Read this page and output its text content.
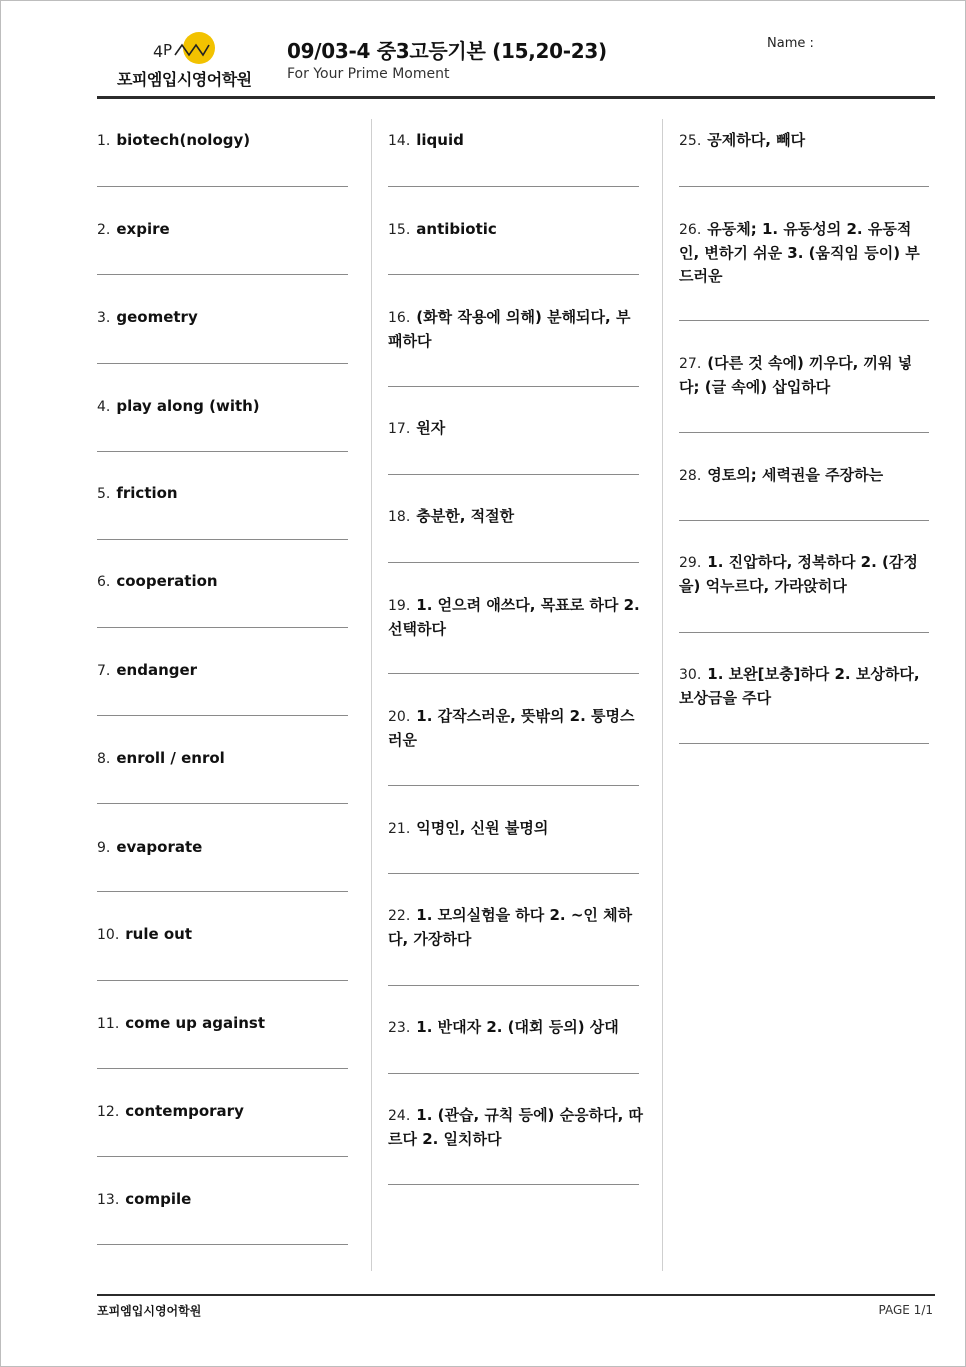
4 P
포피엠입시영어학원
09/03-4 중3고등기본 (15,20-23)
For Your Prime Moment
Name :
1. biotech(nology)
2. expire
3. geometry
4. play along (with)
5. friction
6. cooperation
7. endanger
8. enroll / enrol
9. evaporate
10. rule out
11. come up against
12. contemporary
13. compile
14. liquid
15. antibiotic
16. (화학 작용에 의해) 분해되다, 부패하다
17. 원자
18. 충분한, 적절한
19. 1. 얻으려 애쓰다, 목표로 하다 2. 선택하다
20. 1. 갑작스러운, 뜻밖의 2. 퉁명스러운
21. 익명인, 신원 불명의
22. 1. 모의실험을 하다 2. ~인 체하다, 가장하다
23. 1. 반대자 2. (대회 등의) 상대
24. 1. (관습, 규칙 등에) 순응하다, 따르다 2. 일치하다
25. 공제하다, 빼다
26. 유동체; 1. 유동성의 2. 유동적인, 변하기 쉬운 3. (움직임 등이) 부드러운
27. (다른 것 속에) 끼우다, 끼워 넣다; (글 속에) 삽입하다
28. 영토의; 세력권을 주장하는
29. 1. 진압하다, 정복하다 2. (감정을) 억누르다, 가라앉히다
30. 1. 보완[보충]하다 2. 보상하다, 보상금을 주다
포피엠입시영어학원	PAGE 1/1
